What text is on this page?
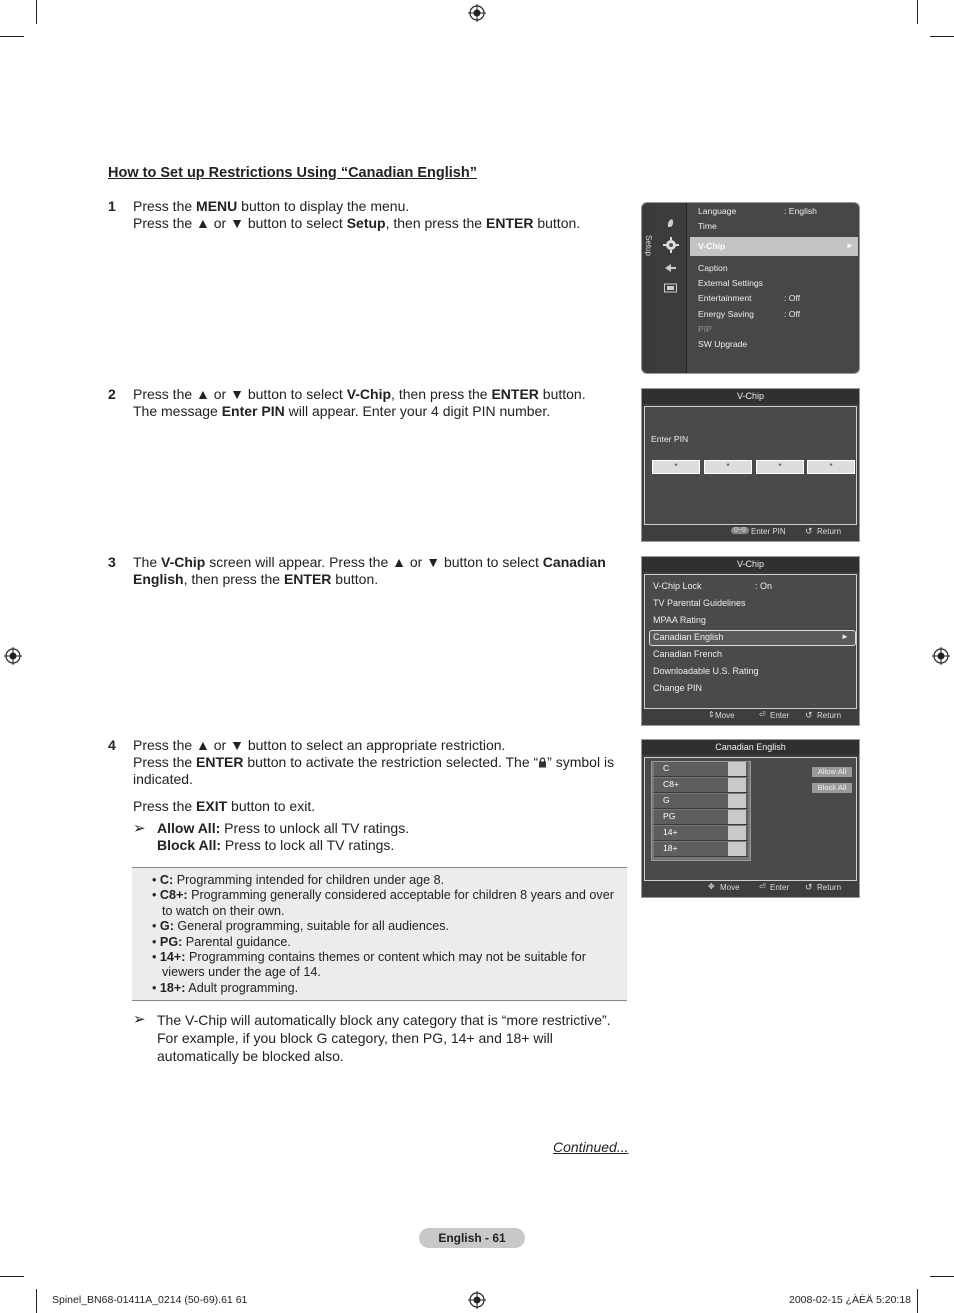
How to Set up Restrictions Using “Canadian English”
1 Press the MENU button to display the menu.
Press the ▲ or ▼ button to select Setup, then press the ENTER button.
2 Press the ▲ or ▼ button to select V-Chip, then press the ENTER button.
The message Enter PIN will appear. Enter your 4 digit PIN number.
3 The V-Chip screen will appear. Press the ▲ or ▼ button to select Canadian
English, then press the ENTER button.
4 Press the ▲ or ▼ button to select an appropriate restriction.
Press the ENTER button to activate the restriction selected. The “ ” symbol is
indicated.
Press the EXIT button to exit.
➢ Allow All: Press to unlock all TV ratings.
Block All: Press to lock all TV ratings.
• C: Programming intended for children under age 8.
• C8+: Programming generally considered acceptable for children 8 years and over to watch on their own.
• G: General programming, suitable for all audiences.
• PG: Parental guidance.
• 14+: Programming contains themes or content which may not be suitable for viewers under the age of 14.
• 18+: Adult programming.
➢ The V-Chip will automatically block any category that is “more restrictive”.
For example, if you block G category, then PG, 14+ and 18+ will
automatically be blocked also.
Continued...
English - 61
Spinel_BN68-01411A_0214 (50-69).61 61	2008-02-15 ¿ÀÈÄ 5:20:18
Setup
Language	: English
Time
V-Chip	►
Caption
External Settings
Entertainment	: Off
Energy Saving	: Off
PIP
SW Upgrade
V-Chip
Enter PIN
*	*	*	*
0~9 Enter PIN ↺ Return
V-Chip
V-Chip Lock	: On
TV Parental Guidelines
MPAA Rating
Canadian English	►
Canadian French
Downloadable U.S. Rating
Change PIN
⇕ Move	⏎ Enter ↺ Return
Canadian English
C
C8+
G
PG
14+
18+
Allow All
Block All
✥ Move ⏎ Enter ↺ Return
